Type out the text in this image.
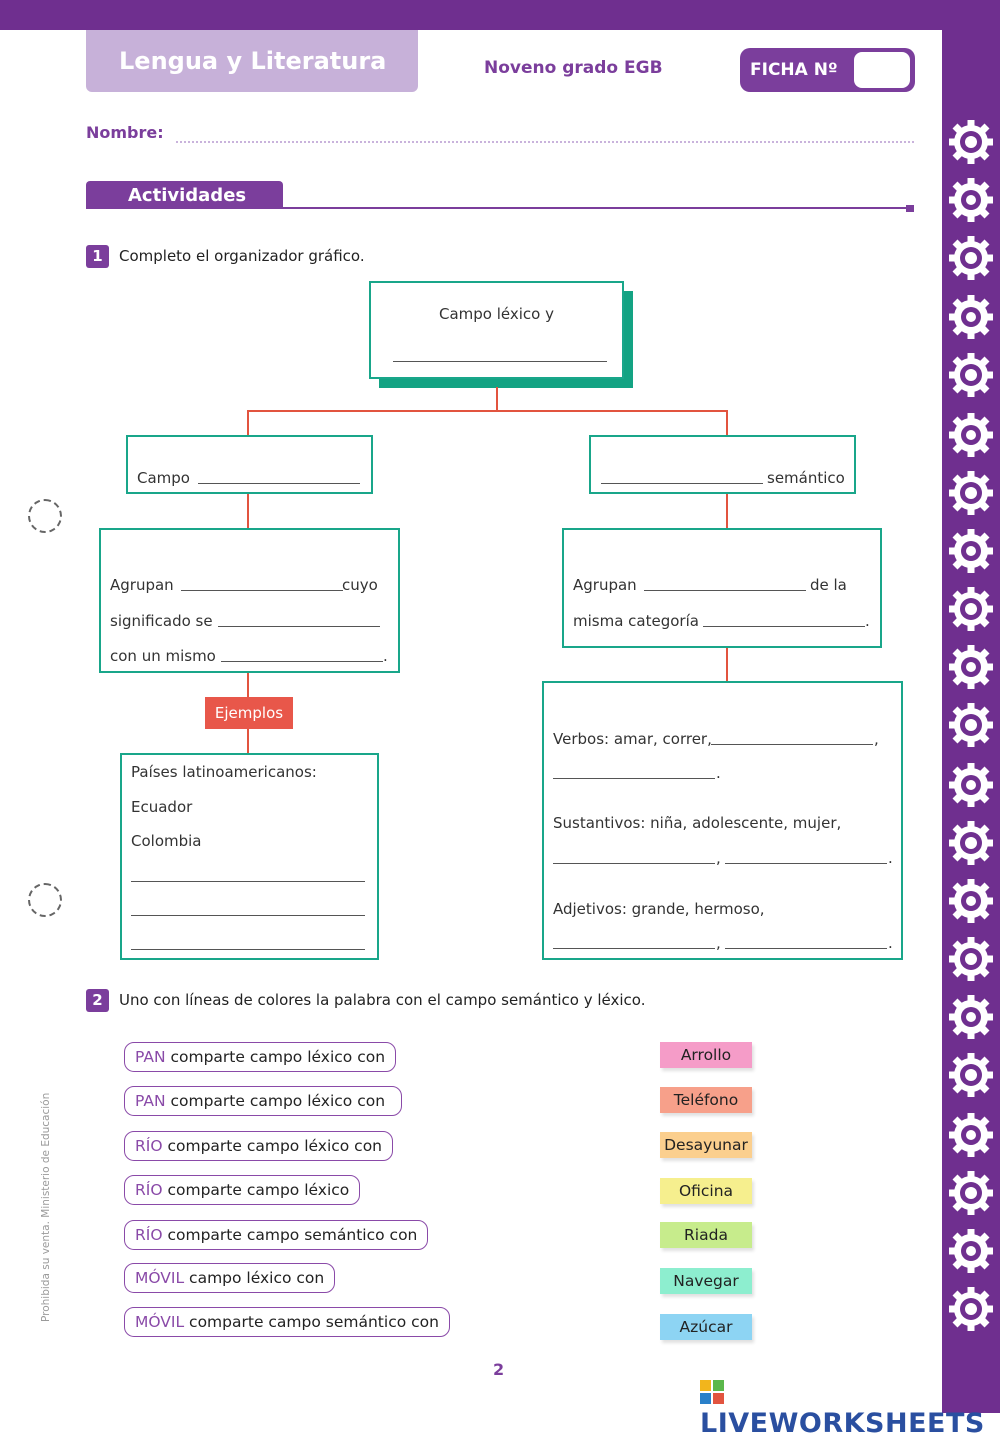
Lengua y Literatura	Noveno grado EGB	FICHA Nº
Nombre:
Actividades
1	Completo el organizador gráfico.
Campo léxico y
Campo	semántico
Agrupan	cuyo
significado se
con un mismo	.
Agrupan	de la
misma categoría	.
Ejemplos
Países latinoamericanos:
Ecuador
Colombia
Verbos: amar, correr,	,
.
Sustantivos: niña, adolescente, mujer,
,	.
Adjetivos: grande, hermoso,
,	.
2	Uno con líneas de colores la palabra con el campo semántico y léxico.
PAN comparte campo léxico con
PAN comparte campo léxico con
RÍO comparte campo léxico con
RÍO comparte campo léxico
RÍO comparte campo semántico con
MÓVIL campo léxico con
MÓVIL comparte campo semántico con
Arrollo
Teléfono
Desayunar
Oficina
Riada
Navegar
Azúcar
2
Prohibida su venta. Ministerio de Educación
LIVEWORKSHEETS
